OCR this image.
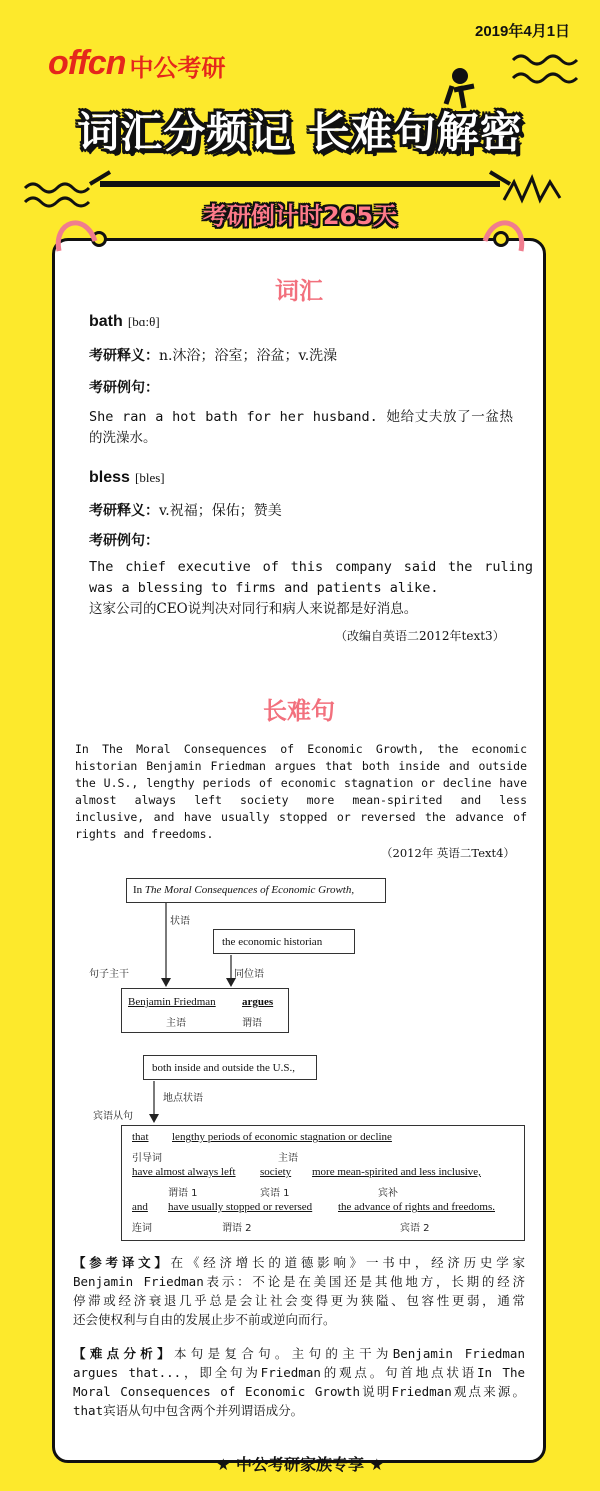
2019年4月1日
offcn 中公考研
词汇分频记 长难句解密
考研倒计时265天
词汇
bath [bɑ:θ]
考研释义：n.沐浴；浴室；浴盆；v.洗澡
考研例句：
She ran a hot bath for her husband. 她给丈夫放了一盆热
的洗澡水。
bless [bles]
考研释义：v.祝福；保佑；赞美
考研例句：
The chief executive of this company said the ruling
was a blessing to firms and patients alike.
这家公司的CEO说判决对同行和病人来说都是好消息。
（改编自英语二2012年text3）
长难句
In The Moral Consequences of Economic Growth, the economic
historian Benjamin Friedman argues that both inside and outside
the U.S., lengthy periods of economic stagnation or decline have
almost always left society more mean-spirited and less
inclusive, and have usually stopped or reversed the advance of
rights and freedoms.
（2012年 英语二Text4）
In The Moral Consequences of Economic Growth,
状语
the economic historian
同位语
句子主干
Benjamin Friedman argues
主语	谓语
both inside and outside the U.S.,
地点状语
宾语从句
that lengthy periods of economic stagnation or decline
引导词	主语
have almost always left society more mean-spirited and less inclusive,
谓语 1	宾语 1	宾补
and have usually stopped or reversed the advance of rights and freedoms.
连词	谓语 2	宾语 2
【参考译文】在《经济增长的道德影响》一书中，经济历史学家
Benjamin Friedman表示：不论是在美国还是其他地方，长期的经济
停滞或经济衰退几乎总是会让社会变得更为狭隘、包容性更弱，通常
还会使权利与自由的发展止步不前或逆向而行。
【难点分析】本句是复合句。主句的主干为Benjamin Friedman
argues that...，即全句为Friedman的观点。句首地点状语In The
Moral Consequences of Economic Growth说明Friedman观点来源。
that宾语从句中包含两个并列谓语成分。
★ 中公考研家族专享 ★
